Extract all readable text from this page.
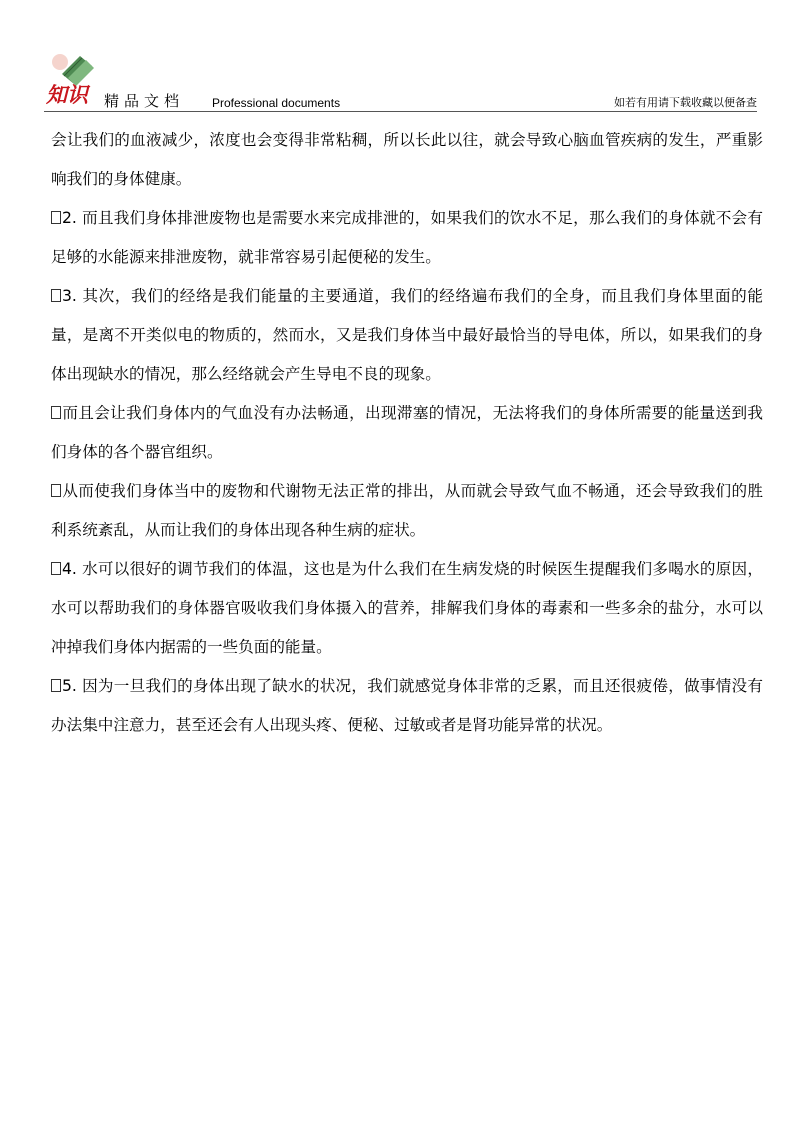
知识 精品文档 Professional documents	如若有用请下载收藏以便备查

会让我们的血液减少，浓度也会变得非常粘稠，所以长此以往，就会导致心脑血管疾病的发生，严重影响我们的身体健康。

2. 而且我们身体排泄废物也是需要水来完成排泄的，如果我们的饮水不足，那么我们的身体就不会有足够的水能源来排泄废物，就非常容易引起便秘的发生。

3. 其次，我们的经络是我们能量的主要通道，我们的经络遍布我们的全身，而且我们身体里面的能量，是离不开类似电的物质的，然而水，又是我们身体当中最好最恰当的导电体，所以，如果我们的身体出现缺水的情况，那么经络就会产生导电不良的现象。

而且会让我们身体内的气血没有办法畅通，出现滞塞的情况，无法将我们的身体所需要的能量送到我们身体的各个器官组织。

从而使我们身体当中的废物和代谢物无法正常的排出，从而就会导致气血不畅通，还会导致我们的胜利系统紊乱，从而让我们的身体出现各种生病的症状。

4. 水可以很好的调节我们的体温，这也是为什么我们在生病发烧的时候医生提醒我们多喝水的原因，水可以帮助我们的身体器官吸收我们身体摄入的营养，排解我们身体的毒素和一些多余的盐分，水可以冲掉我们身体内据需的一些负面的能量。

5. 因为一旦我们的身体出现了缺水的状况，我们就感觉身体非常的乏累，而且还很疲倦，做事情没有办法集中注意力，甚至还会有人出现头疼、便秘、过敏或者是肾功能异常的状况。
